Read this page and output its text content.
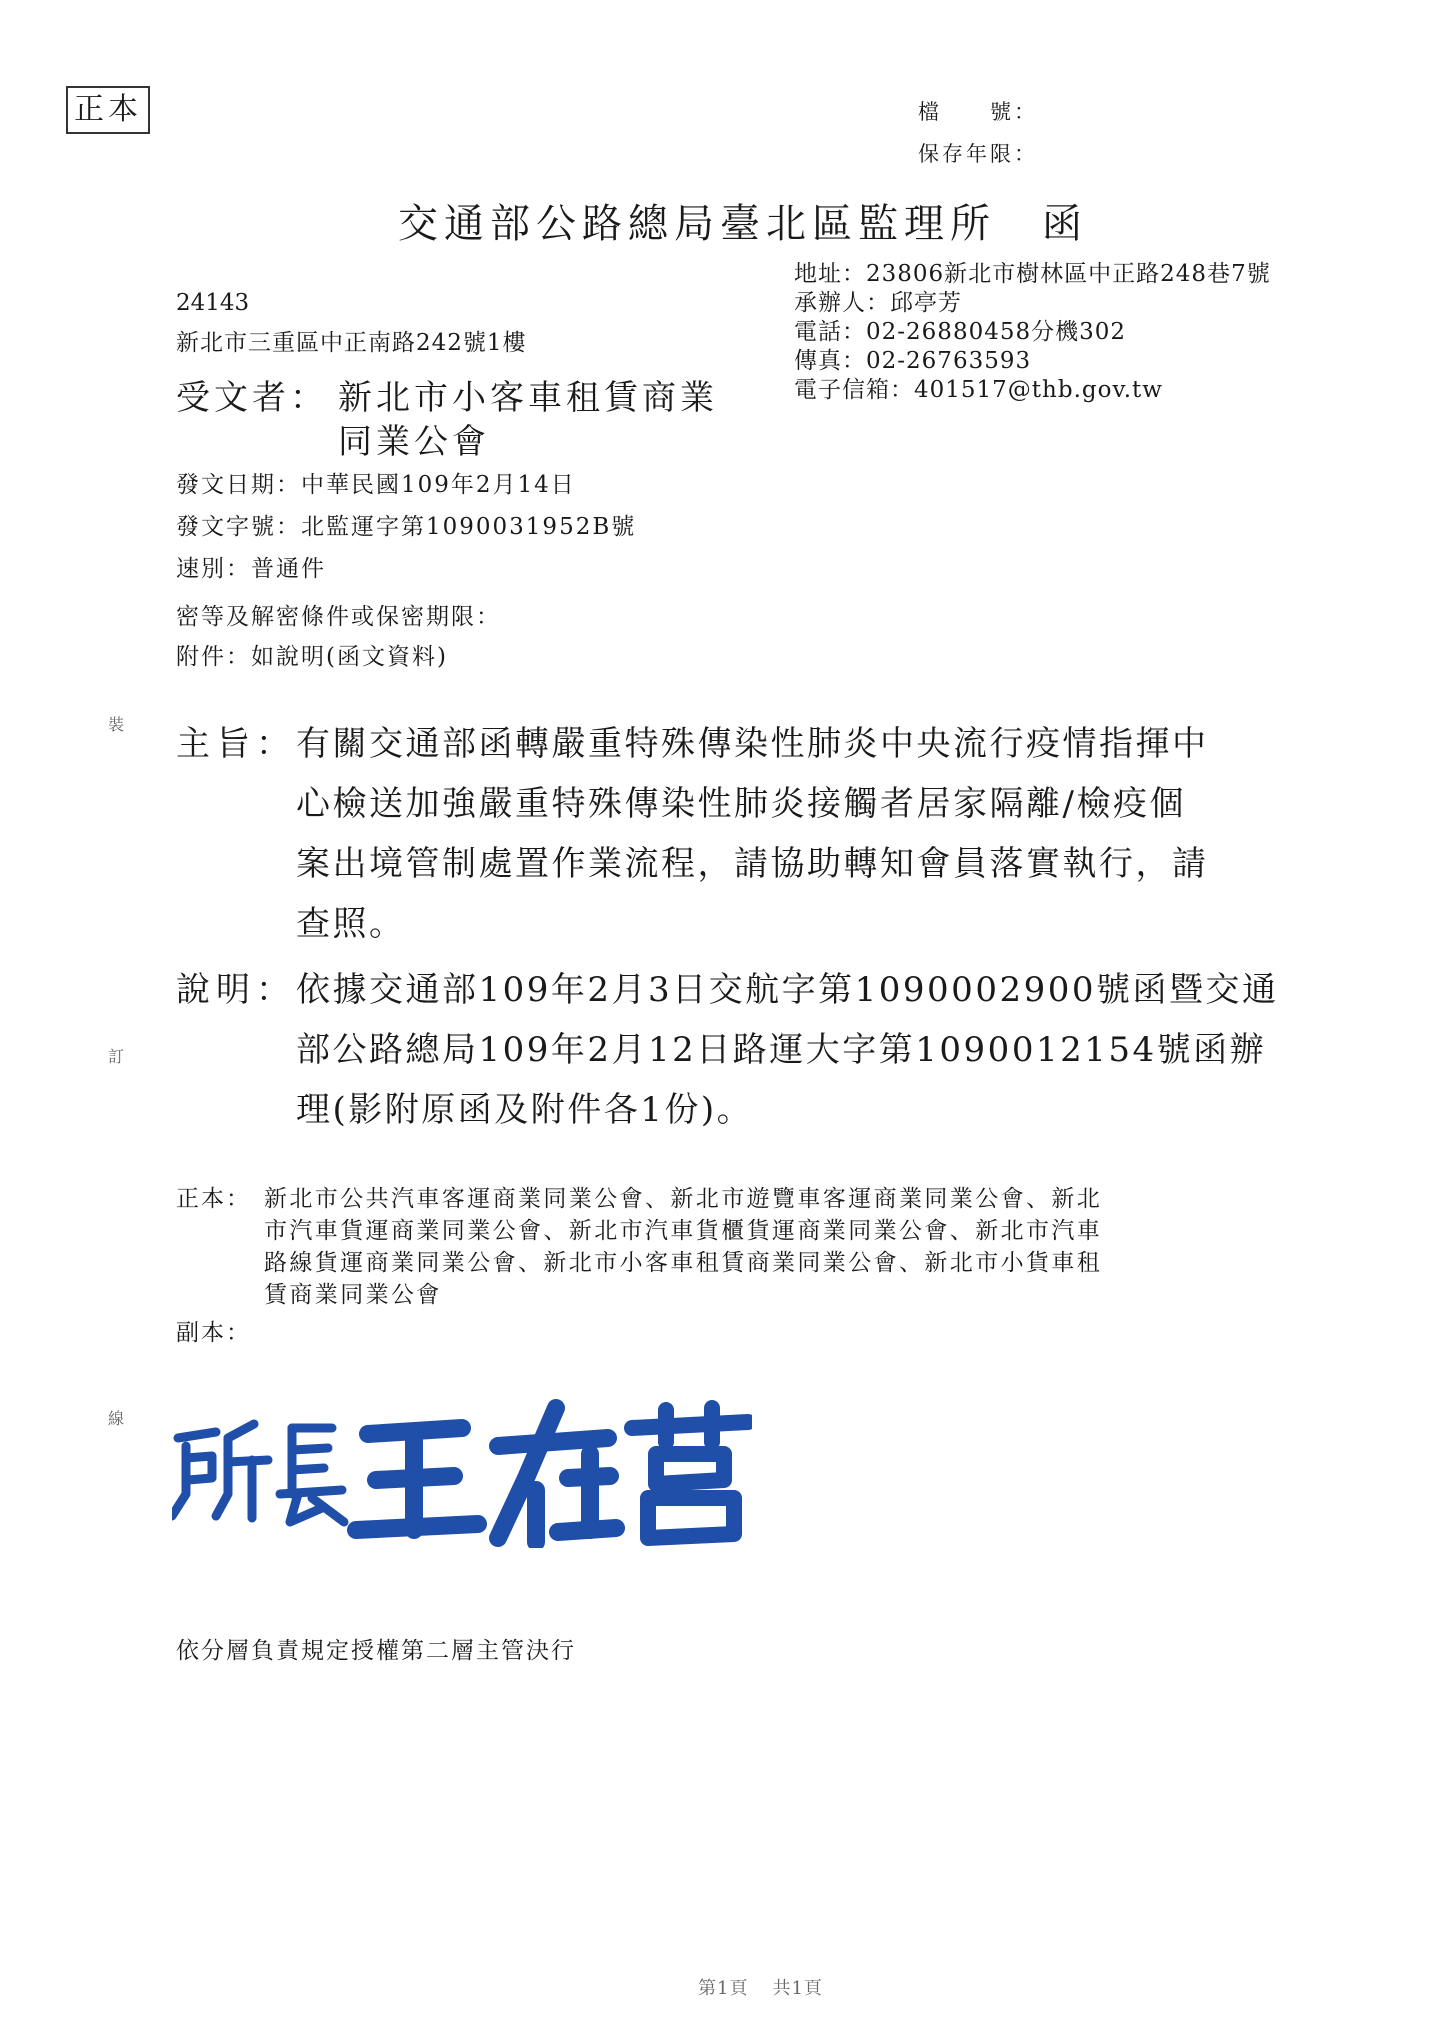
正本	檔　　號：
保存年限：
交通部公路總局臺北區監理所　函
地址：23806新北市樹林區中正路248巷7號
承辦人：邱亭芳
電話：02-26880458分機302
傳真：02-26763593
電子信箱：401517@thb.gov.tw
24143
新北市三重區中正南路242號1樓
受文者： 新北市小客車租賃商業
同業公會
發文日期：中華民國109年2月14日
發文字號：北監運字第1090031952B號
速別：普通件
密等及解密條件或保密期限：
附件：如說明(函文資料)
裝
訂
線
主旨： 有關交通部函轉嚴重特殊傳染性肺炎中央流行疫情指揮中
心檢送加強嚴重特殊傳染性肺炎接觸者居家隔離/檢疫個
案出境管制處置作業流程，請協助轉知會員落實執行，請
查照。
說明： 依據交通部109年2月3日交航字第1090002900號函暨交通
部公路總局109年2月12日路運大字第1090012154號函辦
理(影附原函及附件各1份)。
正本： 新北市公共汽車客運商業同業公會、新北市遊覽車客運商業同業公會、新北
市汽車貨運商業同業公會、新北市汽車貨櫃貨運商業同業公會、新北市汽車
路線貨運商業同業公會、新北市小客車租賃商業同業公會、新北市小貨車租
賃商業同業公會
副本：
依分層負責規定授權第二層主管決行
第1頁 共1頁
